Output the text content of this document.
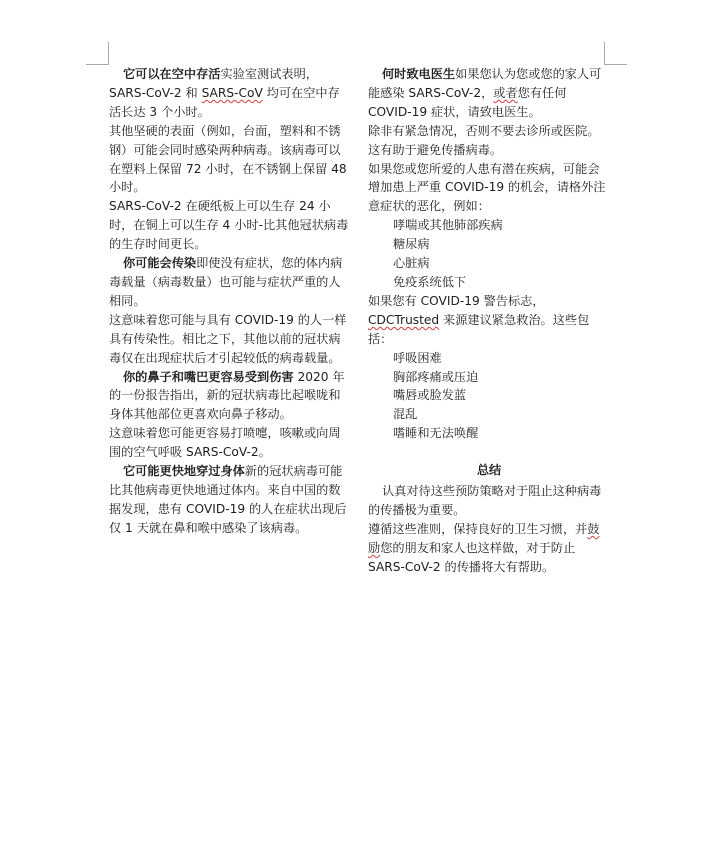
它可以在空中存活实验室测试表明，SARS-CoV-2 和 SARS-CoV 均可在空中存活长达 3 个小时。

其他坚硬的表面（例如，台面，塑料和不锈钢）可能会同时感染两种病毒。该病毒可以在塑料上保留 72 小时，在不锈钢上保留 48 小时。

SARS-CoV-2 在硬纸板上可以生存 24 小时，在铜上可以生存 4 小时-比其他冠状病毒的生存时间更长。

你可能会传染即使没有症状，您的体内病毒载量（病毒数量）也可能与症状严重的人相同。

这意味着您可能与具有 COVID-19 的人一样具有传染性。相比之下，其他以前的冠状病毒仅在出现症状后才引起较低的病毒载量。

你的鼻子和嘴巴更容易受到伤害 2020 年的一份报告指出，新的冠状病毒比起喉咙和身体其他部位更喜欢向鼻子移动。

这意味着您可能更容易打喷嚏，咳嗽或向周围的空气呼吸 SARS-CoV-2。

它可能更快地穿过身体新的冠状病毒可能比其他病毒更快地通过体内。来自中国的数据发现，患有 COVID-19 的人在症状出现后仅 1 天就在鼻和喉中感染了该病毒。

何时致电医生如果您认为您或您的家人可能感染 SARS-CoV-2，或者您有任何 COVID-19 症状，请致电医生。

除非有紧急情况，否则不要去诊所或医院。这有助于避免传播病毒。

如果您或您所爱的人患有潜在疾病，可能会增加患上严重 COVID-19 的机会，请格外注意症状的恶化，例如：

哮喘或其他肺部疾病

糖尿病

心脏病

免疫系统低下

如果您有 COVID-19 警告标志，

CDCTrusted 来源建议紧急救治。这些包括：

呼吸困难

胸部疼痛或压迫

嘴唇或脸发蓝

混乱

嗜睡和无法唤醒

总结

认真对待这些预防策略对于阻止这种病毒的传播极为重要。

遵循这些准则，保持良好的卫生习惯，并鼓励您的朋友和家人也这样做，对于防止 SARS-CoV-2 的传播将大有帮助。
